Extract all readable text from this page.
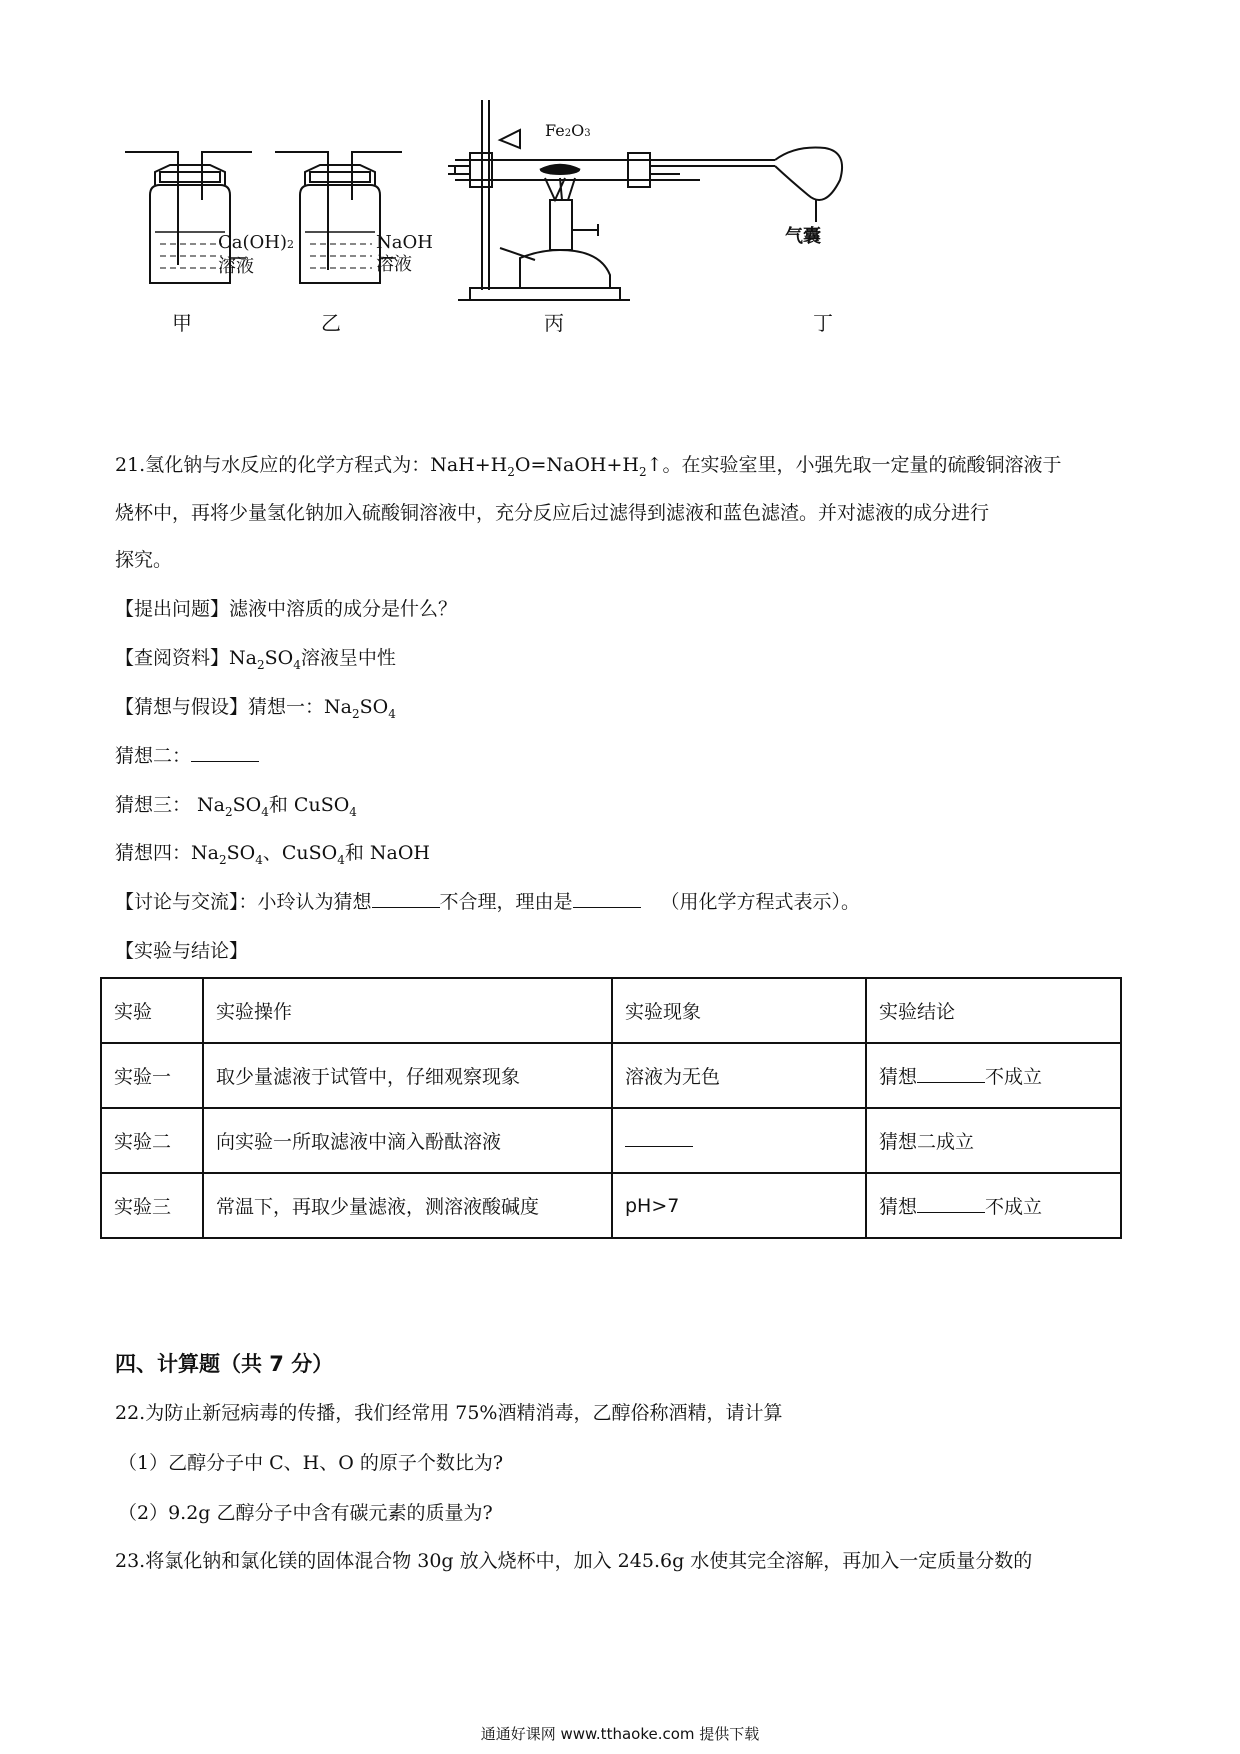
Ca(OH)2
溶液
NaOH
溶液
Fe2O3
气囊
甲	乙	丙	丁
21.氢化钠与水反应的化学方程式为：$NaH+H_2O=NaOH+H_2↑$。在实验室里，小强先取一定量的硫酸铜溶液于
烧杯中，再将少量氢化钠加入硫酸铜溶液中，充分反应后过滤得到滤液和蓝色滤渣。并对滤液的成分进行
探究。
【提出问题】滤液中溶质的成分是什么？
【查阅资料】$Na_2SO_4$溶液呈中性
【猜想与假设】猜想一：$Na_2SO_4$
猜想二：
猜想三： $Na_2SO_4$和 CuSO$_4$
猜想四：$Na_2SO_4$、CuSO$_4$和 NaOH
【讨论与交流】：小玲认为猜想	不合理，理由是	（用化学方程式表示）。
【实验与结论】
实验	实验操作	实验现象	实验结论
实验一	取少量滤液于试管中，仔细观察现象	溶液为无色	猜想 不成立
实验二	向实验一所取滤液中滴入酚酞溶液		猜想二成立
实验三	常温下，再取少量滤液，测溶液酸碱度	pH>7	猜想 不成立
四、计算题（共 7 分）
22.为防止新冠病毒的传播，我们经常用 75%酒精消毒，乙醇俗称酒精，请计算
（1）乙醇分子中 C、H、O 的原子个数比为?
（2）9.2g 乙醇分子中含有碳元素的质量为?
23.将氯化钠和氯化镁的固体混合物 30g 放入烧杯中，加入 245.6g 水使其完全溶解，再加入一定质量分数的
通通好课网 www.tthaoke.com 提供下载
